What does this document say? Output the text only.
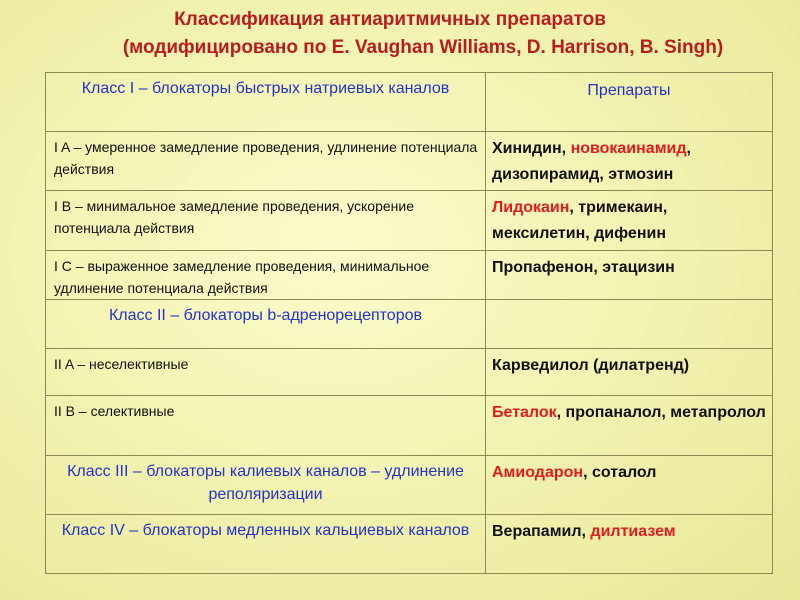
Классификация антиаритмичных препаратов
(модифицировано по E. Vaughan Williams, D. Harrison, B. Singh)
Класс I – блокаторы быстрых натриевых каналов	Препараты

I A – умеренное замедление проведения, удлинение потенциала действия	Хинидин, новокаинамид, дизопирамид, этмозин

I B – минимальное замедление проведения, ускорение потенциала действия	Лидокаин, тримекаин, мексилетин, дифенин

I C – выраженное замедление проведения, минимальное удлинение потенциала действия	Пропафенон, этацизин

Класс II – блокаторы b-адренорецепторов	

II A – неселективные	Карведилол (дилатренд)

II B – селективные	Беталок, пропаналол, метапролол

Класс III – блокаторы калиевых каналов – удлинение реполяризации	Амиодарон, соталол

Класс IV – блокаторы медленных кальциевых каналов	Верапамил, дилтиазем
